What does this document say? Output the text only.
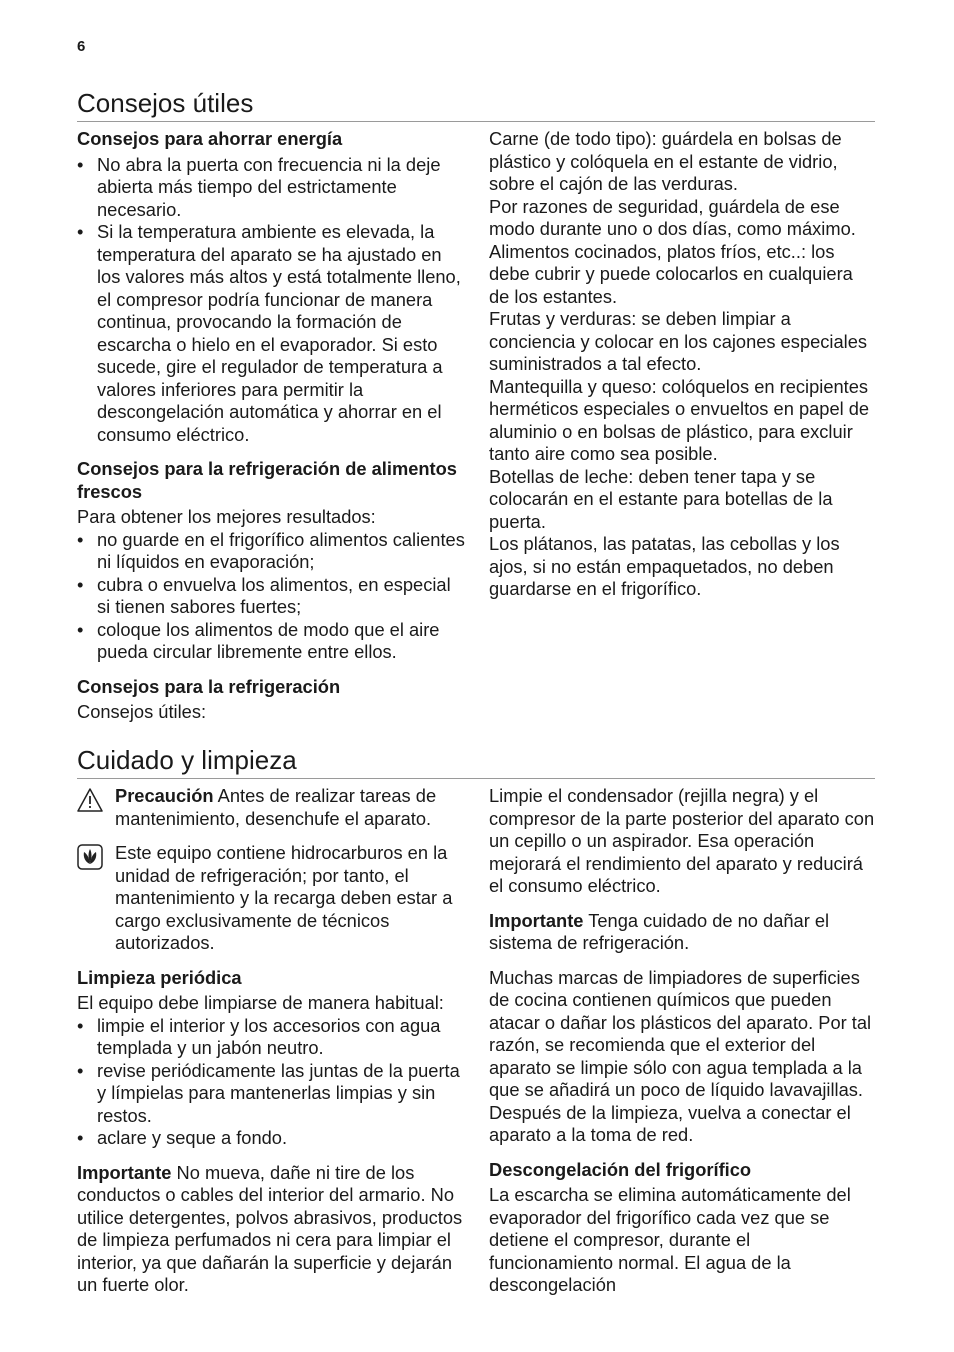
6
Consejos útiles
Consejos para ahorrar energía
• No abra la puerta con frecuencia ni la deje abierta más tiempo del estrictamente necesario.
• Si la temperatura ambiente es elevada, la temperatura del aparato se ha ajustado en los valores más altos y está totalmente lleno, el compresor podría funcionar de manera continua, provocando la formación de escarcha o hielo en el evaporador. Si esto sucede, gire el regulador de temperatura a valores inferiores para permitir la descongelación automática y ahorrar en el consumo eléctrico.
Consejos para la refrigeración de alimentos frescos

Para obtener los mejores resultados:

• no guarde en el frigorífico alimentos calientes ni líquidos en evaporación;
• cubra o envuelva los alimentos, en especial si tienen sabores fuertes;
• coloque los alimentos de modo que el aire pueda circular libremente entre ellos.
Consejos para la refrigeración

Consejos útiles:

Carne (de todo tipo): guárdela en bolsas de plástico y colóquela en el estante de vidrio, sobre el cajón de las verduras.

Por razones de seguridad, guárdela de ese modo durante uno o dos días, como máximo.

Alimentos cocinados, platos fríos, etc..: los debe cubrir y puede colocarlos en cualquiera de los estantes.

Frutas y verduras: se deben limpiar a conciencia y colocar en los cajones especiales suministrados a tal efecto.

Mantequilla y queso: colóquelos en recipientes herméticos especiales o envueltos en papel de aluminio o en bolsas de plástico, para excluir tanto aire como sea posible.

Botellas de leche: deben tener tapa y se colocarán en el estante para botellas de la puerta.

Los plátanos, las patatas, las cebollas y los ajos, si no están empaquetados, no deben guardarse en el frigorífico.

Cuidado y limpieza
Precaución Antes de realizar tareas de mantenimiento, desenchufe el aparato.
Este equipo contiene hidrocarburos en la unidad de refrigeración; por tanto, el mantenimiento y la recarga deben estar a cargo exclusivamente de técnicos autorizados.
Limpieza periódica

El equipo debe limpiarse de manera habitual:

• limpie el interior y los accesorios con agua templada y un jabón neutro.
• revise periódicamente las juntas de la puerta y límpielas para mantenerlas limpias y sin restos.
• aclare y seque a fondo.

Importante No mueva, dañe ni tire de los conductos o cables del interior del armario. No utilice detergentes, polvos abrasivos, productos de limpieza perfumados ni cera para limpiar el interior, ya que dañarán la superficie y dejarán un fuerte olor.

Limpie el condensador (rejilla negra) y el compresor de la parte posterior del aparato con un cepillo o un aspirador. Esa operación mejorará el rendimiento del aparato y reducirá el consumo eléctrico.

Importante Tenga cuidado de no dañar el sistema de refrigeración.

Muchas marcas de limpiadores de superficies de cocina contienen químicos que pueden atacar o dañar los plásticos del aparato. Por tal razón, se recomienda que el exterior del aparato se limpie sólo con agua templada a la que se añadirá un poco de líquido lavavajillas.

Después de la limpieza, vuelva a conectar el aparato a la toma de red.

Descongelación del frigorífico

La escarcha se elimina automáticamente del evaporador del frigorífico cada vez que se detiene el compresor, durante el funcionamiento normal. El agua de la descongelación
